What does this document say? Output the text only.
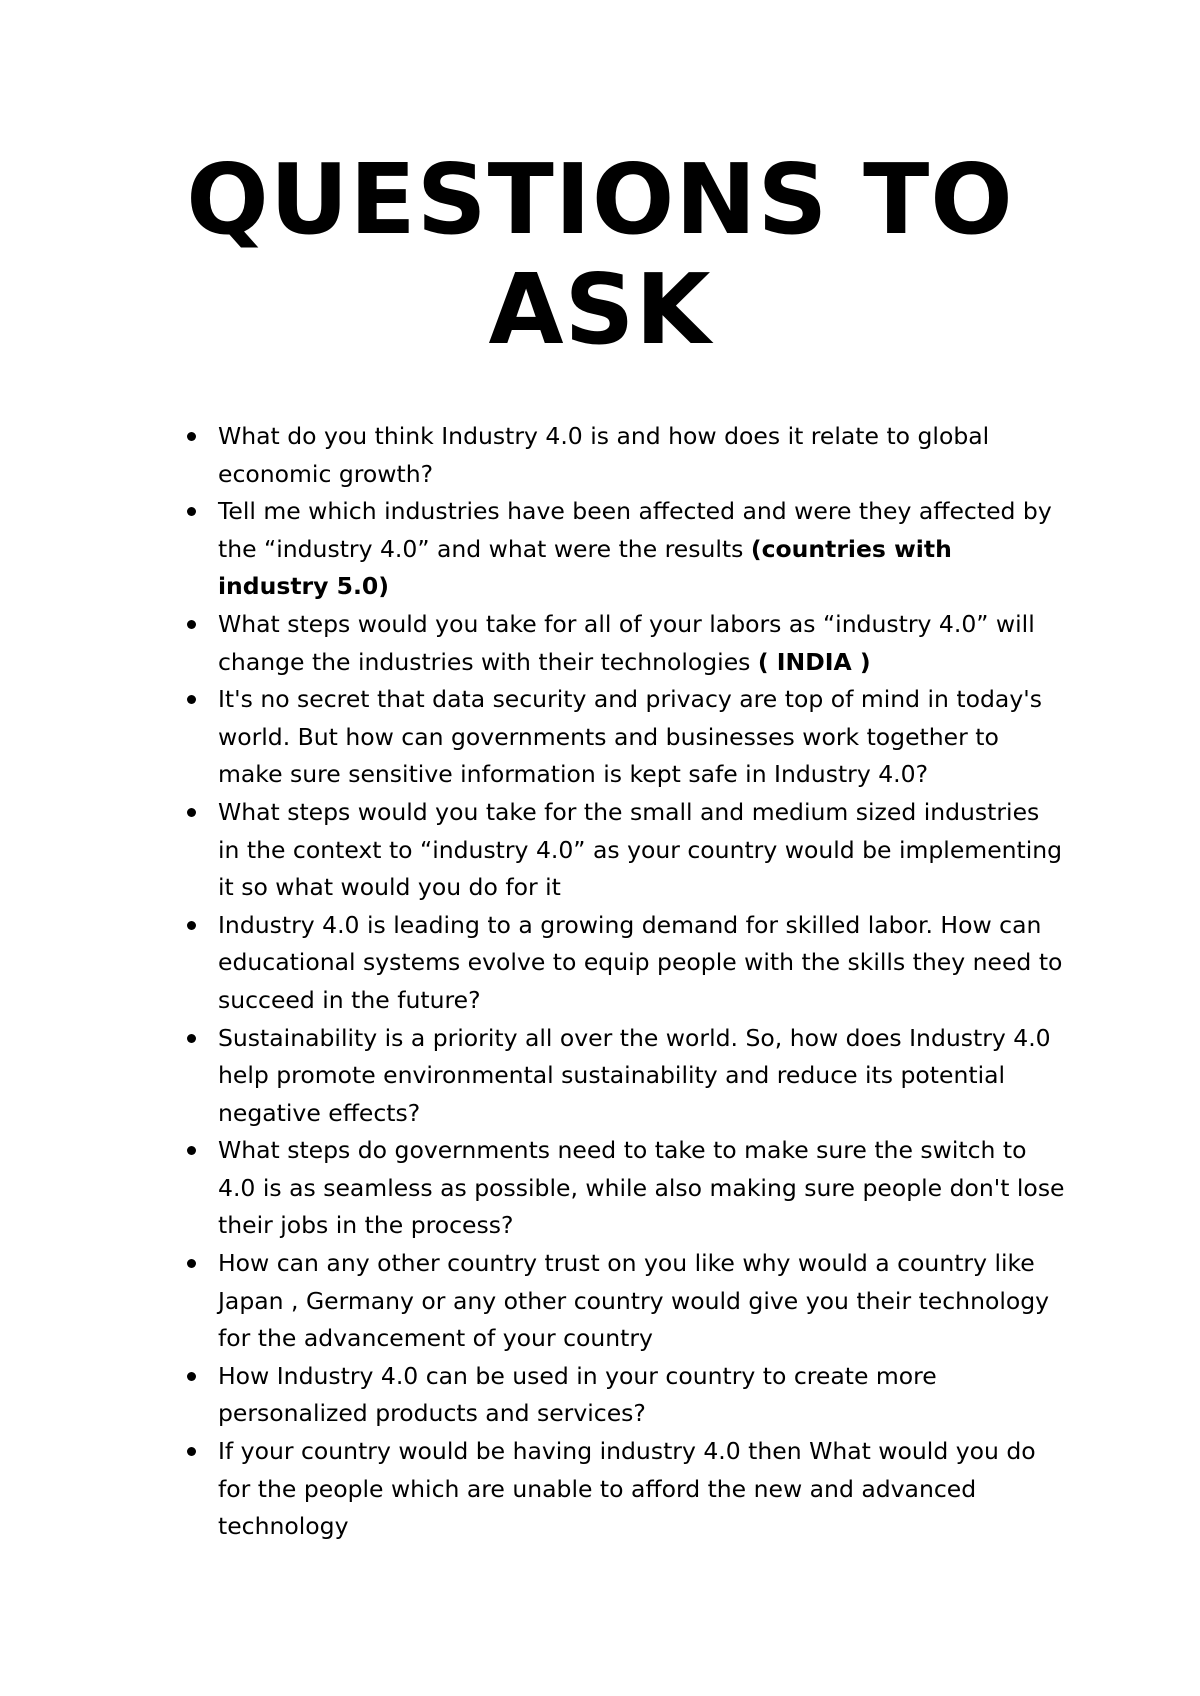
QUESTIONS TO
ASK
What do you think Industry 4.0 is and how does it relate to global economic growth?
Tell me which industries have been affected and were they affected by the “industry 4.0” and what were the results (countries with industry 5.0)
What steps would you take for all of your labors as “industry 4.0” will change the industries with their technologies ( INDIA )
It's no secret that data security and privacy are top of mind in today's world. But how can governments and businesses work together to make sure sensitive information is kept safe in Industry 4.0?
What steps would you take for the small and medium sized industries in the context to “industry 4.0” as your country would be implementing it so what would you do for it
Industry 4.0 is leading to a growing demand for skilled labor. How can educational systems evolve to equip people with the skills they need to succeed in the future?
Sustainability is a priority all over the world. So, how does Industry 4.0 help promote environmental sustainability and reduce its potential negative effects?
What steps do governments need to take to make sure the switch to 4.0 is as seamless as possible, while also making sure people don't lose their jobs in the process?
How can any other country trust on you like why would a country like Japan , Germany or any other country would give you their technology for the advancement of your country
How Industry 4.0 can be used in your country to create more personalized products and services?
If your country would be having industry 4.0 then What would you do for the people which are unable to afford the new and advanced technology
